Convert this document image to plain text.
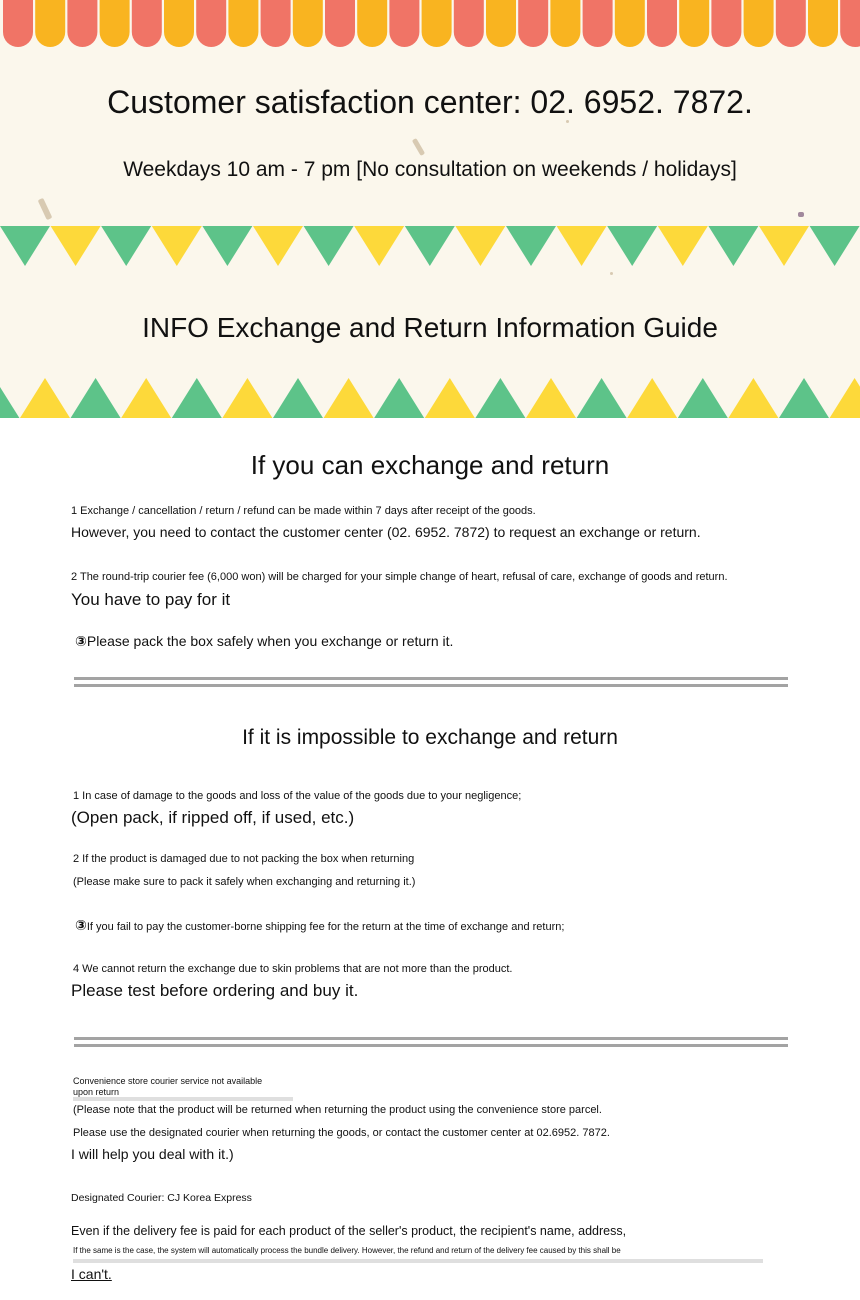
Customer satisfaction center: 02. 6952. 7872.
Weekdays 10 am - 7 pm [No consultation on weekends / holidays]
INFO Exchange and Return Information Guide
If you can exchange and return
1 Exchange / cancellation / return / refund can be made within 7 days after receipt of the goods.
However, you need to contact the customer center (02. 6952. 7872) to request an exchange or return.
2 The round-trip courier fee (6,000 won) will be charged for your simple change of heart, refusal of care, exchange of goods and return.
You have to pay for it
③Please pack the box safely when you exchange or return it.
If it is impossible to exchange and return
1 In case of damage to the goods and loss of the value of the goods due to your negligence;
(Open pack, if ripped off, if used, etc.)
2 If the product is damaged due to not packing the box when returning
(Please make sure to pack it safely when exchanging and returning it.)
③If you fail to pay the customer-borne shipping fee for the return at the time of exchange and return;
4 We cannot return the exchange due to skin problems that are not more than the product.
Please test before ordering and buy it.
Convenience store courier service not available
upon return
(Please note that the product will be returned when returning the product using the convenience store parcel.
Please use the designated courier when returning the goods, or contact the customer center at 02.6952. 7872.
I will help you deal with it.)
Designated Courier: CJ Korea Express
Even if the delivery fee is paid for each product of the seller's product, the recipient's name, address,
If the same is the case, the system will automatically process the bundle delivery. However, the refund and return of the delivery fee caused by this shall be
I can't.
